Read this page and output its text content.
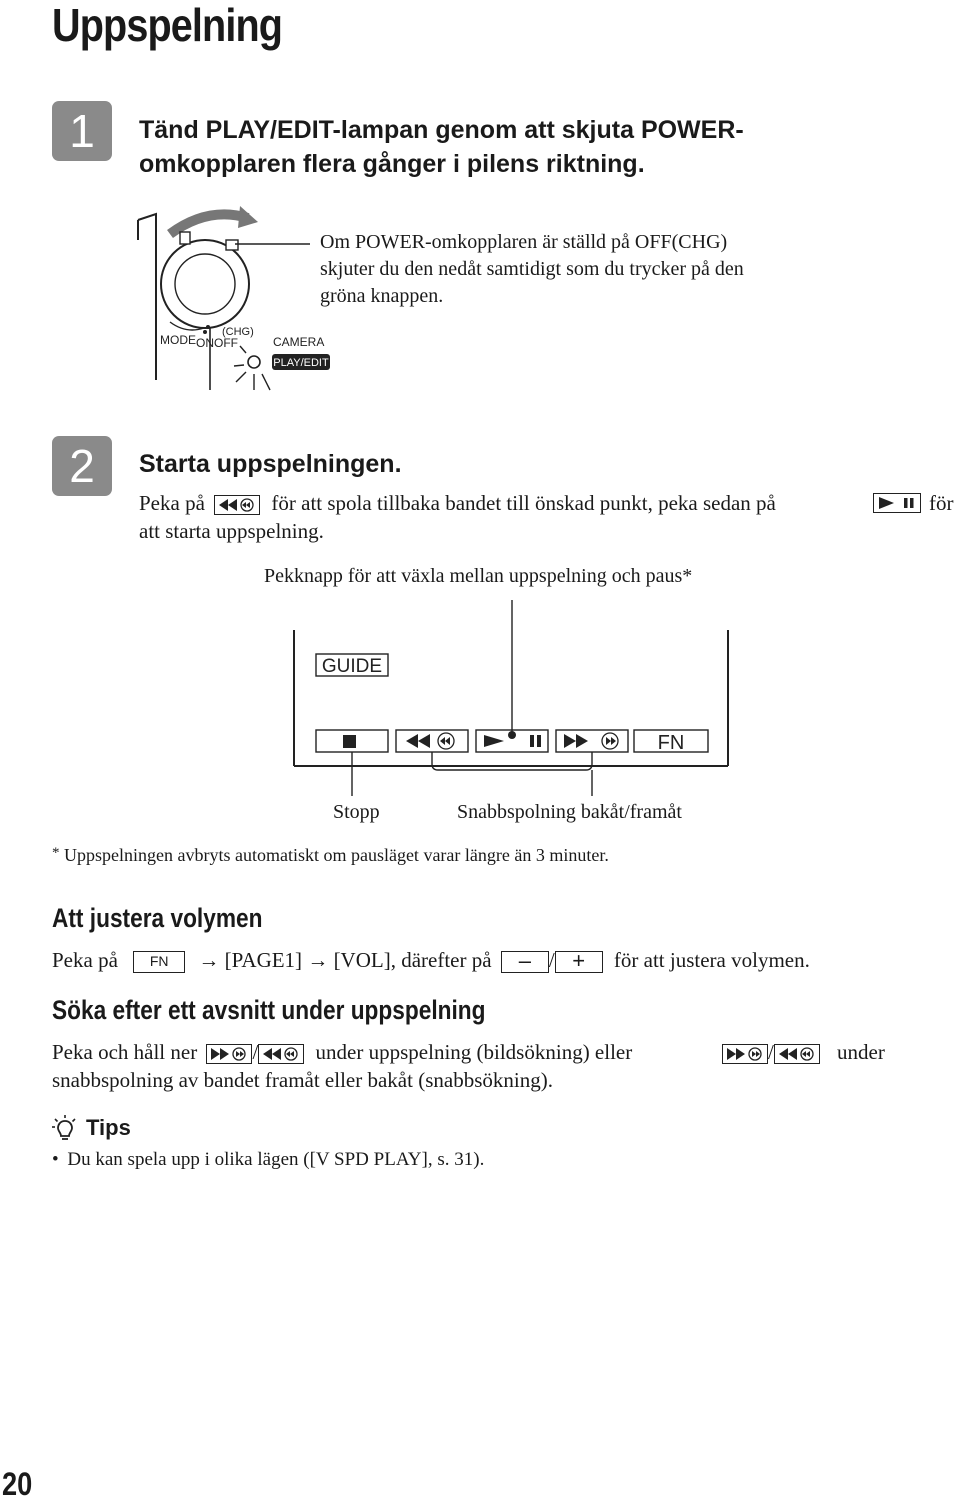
Uppspelning
1	Tänd PLAY/EDIT-lampan genom att skjuta POWER-
omkopplaren flera gånger i pilens riktning.
MODE ON OFF
(CHG)
CAMERA
PLAY/EDIT
Om POWER-omkopplaren är ställd på OFF(CHG)
skjuter du den nedåt samtidigt som du trycker på den
gröna knappen.
2	Starta uppspelningen.
Peka på	för att spola tillbaka bandet till önskad punkt, peka sedan på	för
att starta uppspelning.
Pekknapp för att växla mellan uppspelning och paus*
GUIDE
FN
Stopp	Snabbspolning bakåt/framåt
* Uppspelningen avbryts automatiskt om pausläget varar längre än 3 minuter.
Att justera volymen
Peka på FN → [PAGE1] → [VOL], därefter på – / + för att justera volymen.
Söka efter ett avsnitt under uppspelning
Peka och håll ner	/	under uppspelning (bildsökning) eller	/	under
snabbspolning av bandet framåt eller bakåt (snabbsökning).
Tips
• Du kan spela upp i olika lägen ([V SPD PLAY], s. 31).
20
